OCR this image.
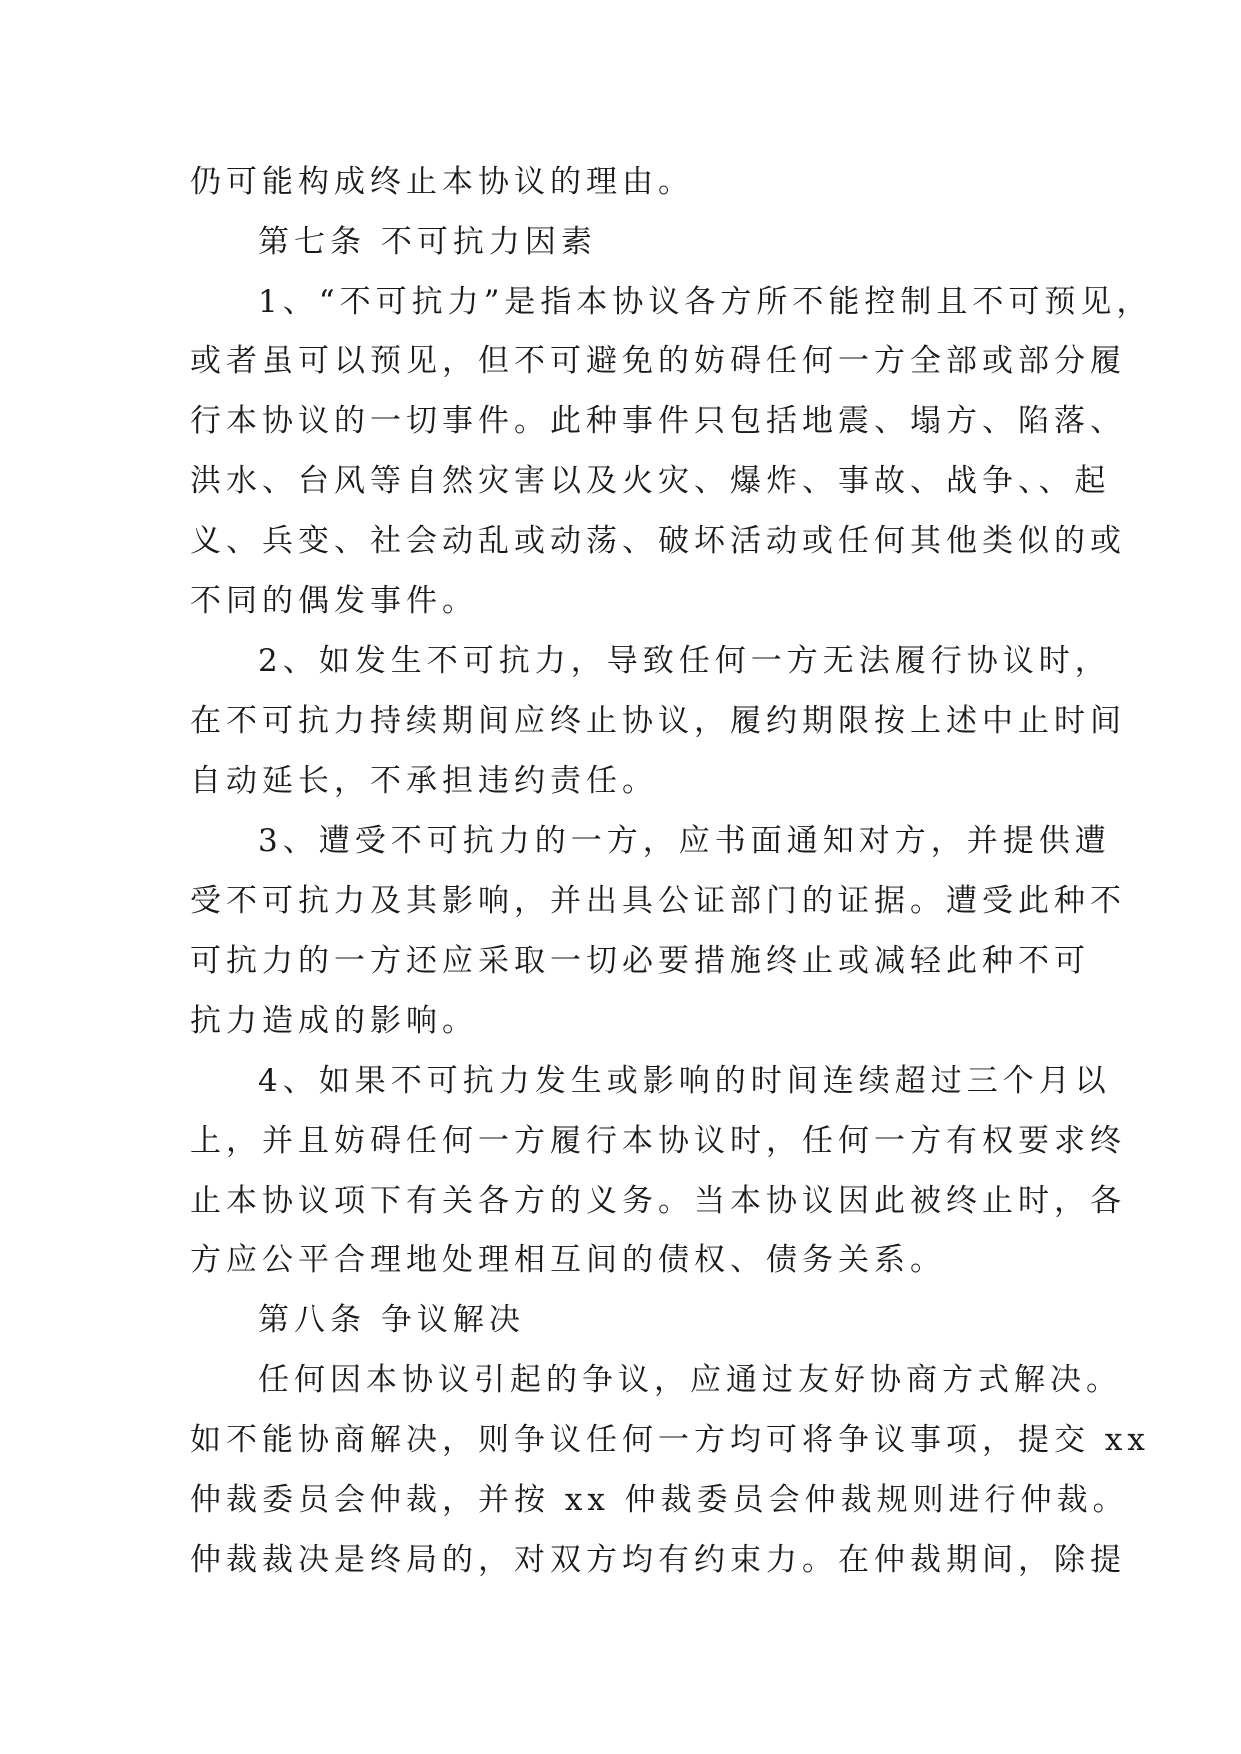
仍可能构成终止本协议的理由。
第七条 不可抗力因素
1、“不可抗力”是指本协议各方所不能控制且不可预见，
或者虽可以预见，但不可避免的妨碍任何一方全部或部分履
行本协议的一切事件。此种事件只包括地震、塌方、陷落、
洪水、台风等自然灾害以及火灾、爆炸、事故、战争、、起
义、兵变、社会动乱或动荡、破坏活动或任何其他类似的或
不同的偶发事件。
2、如发生不可抗力，导致任何一方无法履行协议时，
在不可抗力持续期间应终止协议，履约期限按上述中止时间
自动延长，不承担违约责任。
3、遭受不可抗力的一方，应书面通知对方，并提供遭
受不可抗力及其影响，并出具公证部门的证据。遭受此种不
可抗力的一方还应采取一切必要措施终止或减轻此种不可
抗力造成的影响。
4、如果不可抗力发生或影响的时间连续超过三个月以
上，并且妨碍任何一方履行本协议时，任何一方有权要求终
止本协议项下有关各方的义务。当本协议因此被终止时，各
方应公平合理地处理相互间的债权、债务关系。
第八条 争议解决
任何因本协议引起的争议，应通过友好协商方式解决。
如不能协商解决，则争议任何一方均可将争议事项，提交 xx
仲裁委员会仲裁，并按 xx 仲裁委员会仲裁规则进行仲裁。
仲裁裁决是终局的，对双方均有约束力。在仲裁期间，除提
